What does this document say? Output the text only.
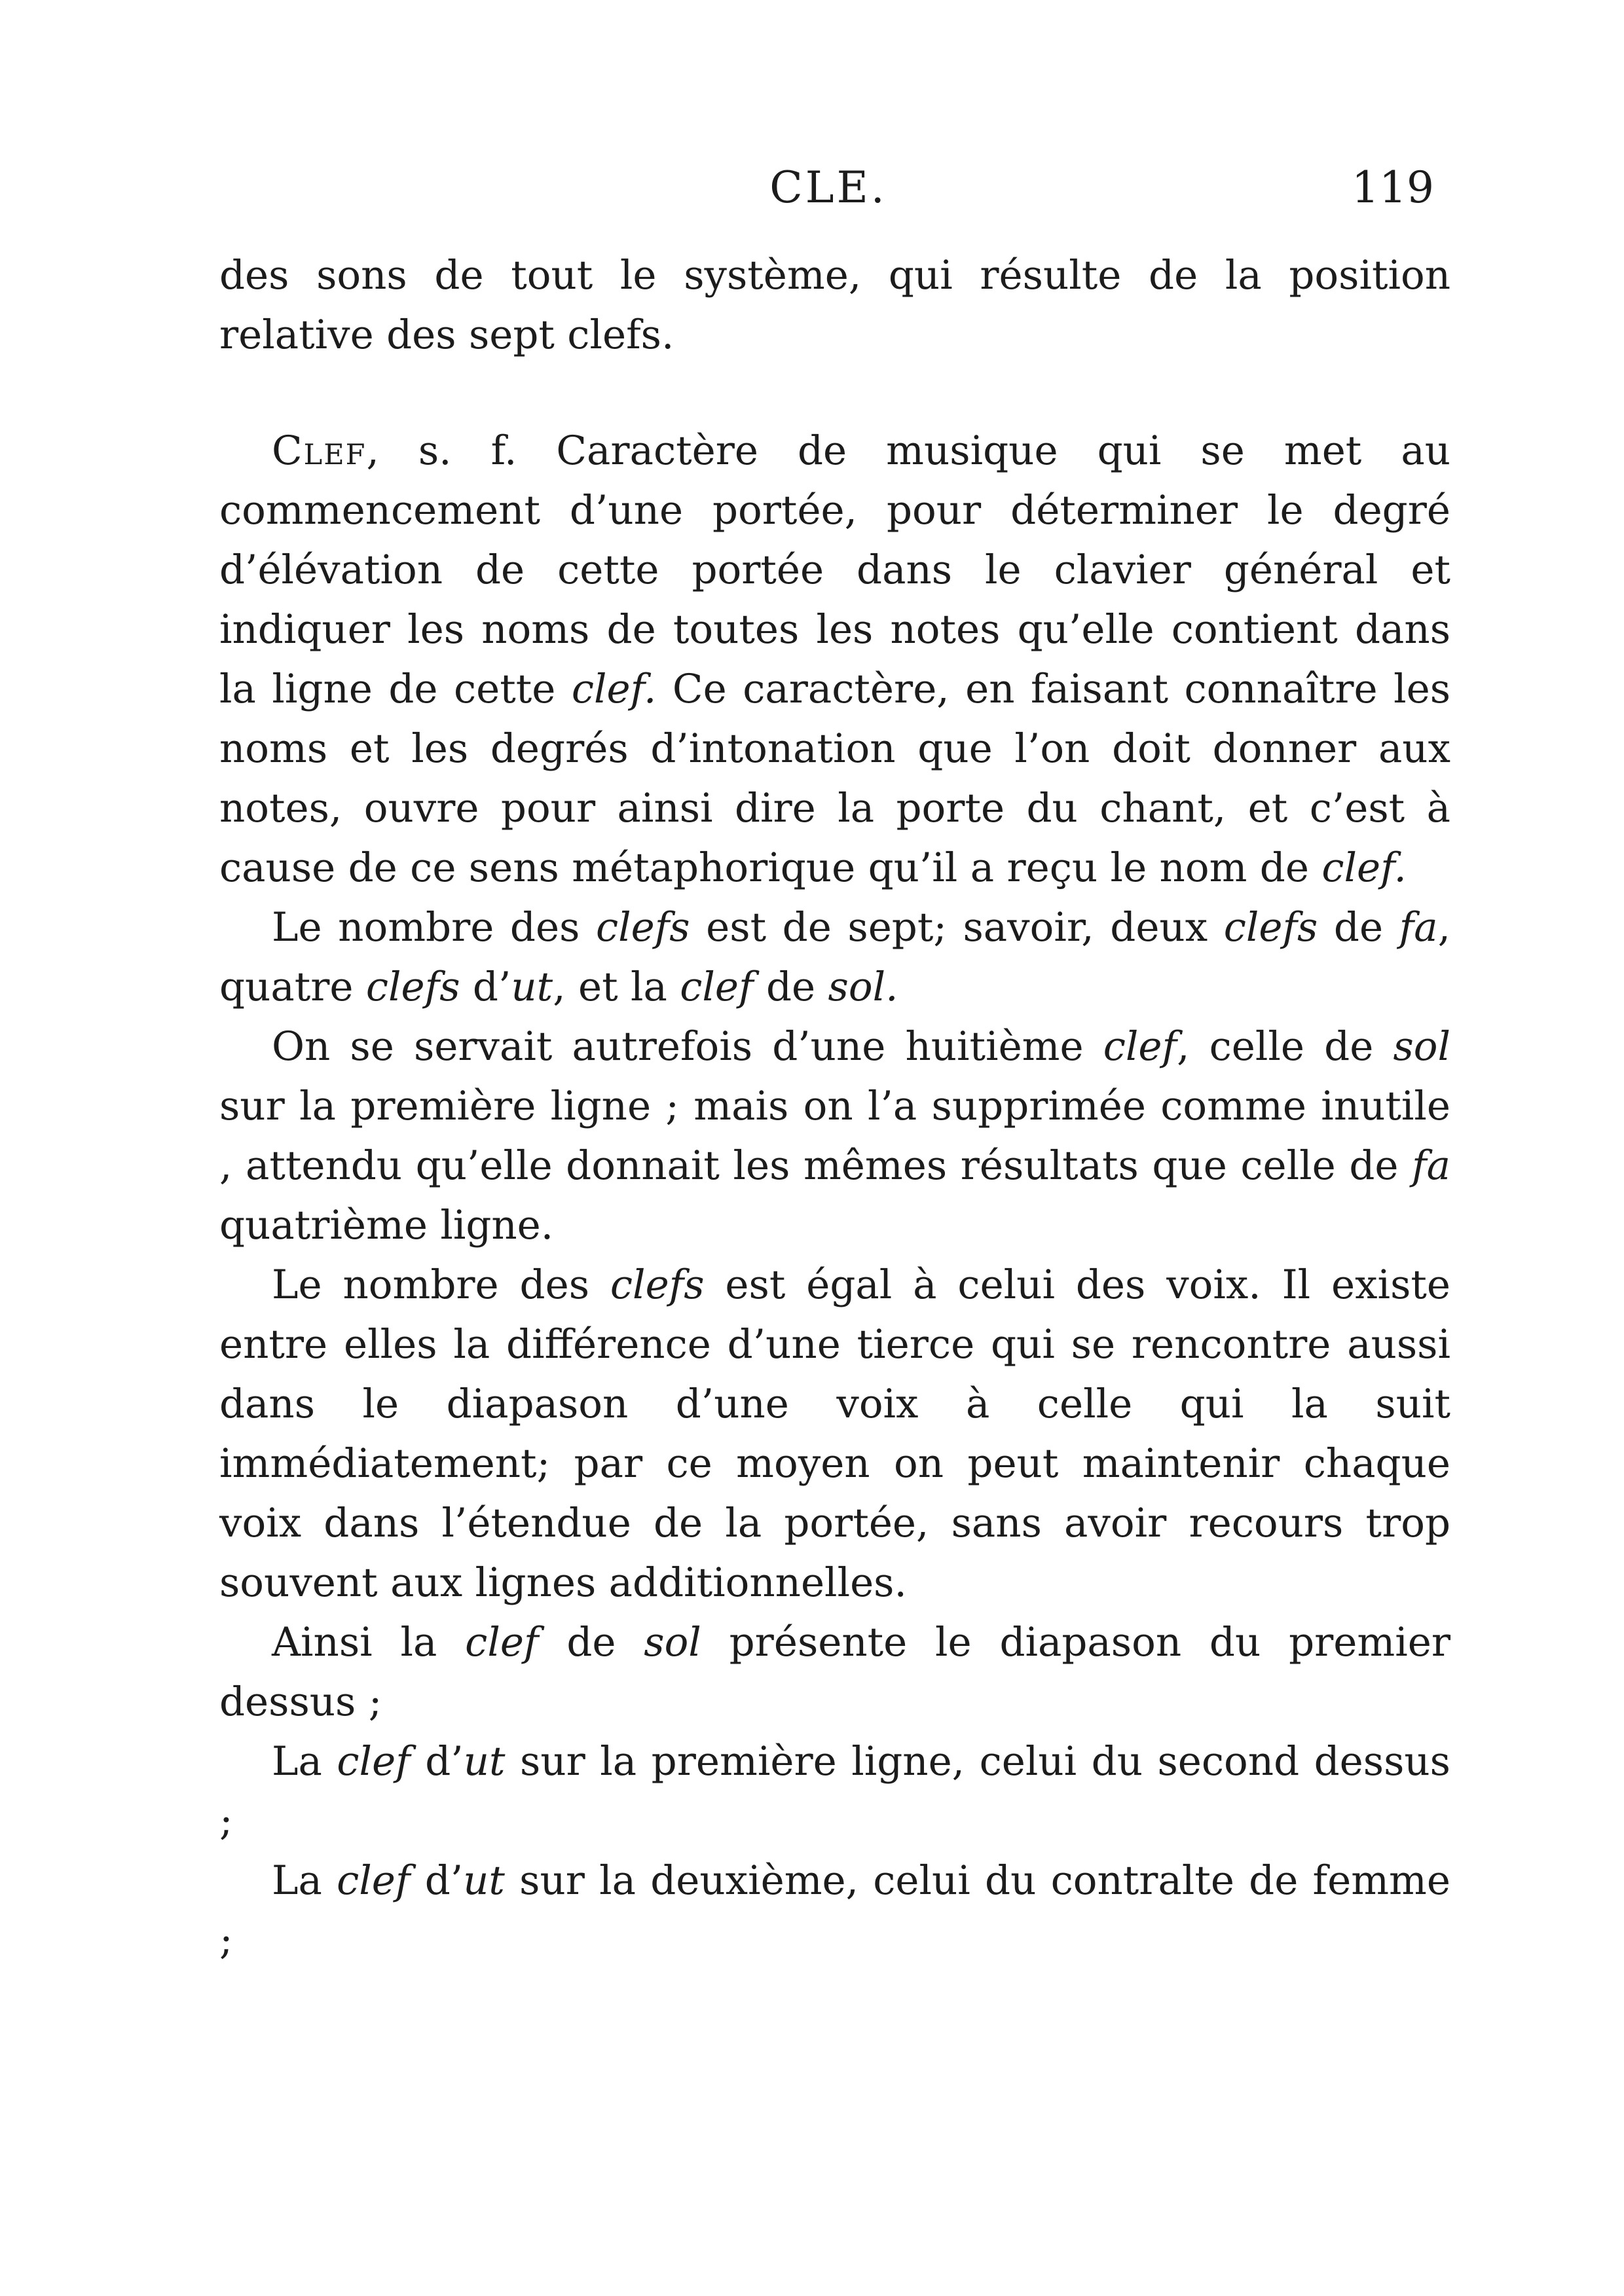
CLE.	119

des sons de tout le système, qui résulte de la position relative des sept clefs.

Clef, s. f. Caractère de musique qui se met au commencement d’une portée, pour déterminer le degré d’élévation de cette portée dans le clavier général et indiquer les noms de toutes les notes qu’elle contient dans la ligne de cette clef. Ce caractère, en faisant connaître les noms et les degrés d’intonation que l’on doit donner aux notes, ouvre pour ainsi dire la porte du chant, et c’est à cause de ce sens métaphorique qu’il a reçu le nom de clef.

Le nombre des clefs est de sept; savoir, deux clefs de fa, quatre clefs d’ut, et la clef de sol.

On se servait autrefois d’une huitième clef, celle de sol sur la première ligne ; mais on l’a supprimée comme inutile , attendu qu’elle donnait les mêmes résultats que celle de fa quatrième ligne.

Le nombre des clefs est égal à celui des voix. Il existe entre elles la différence d’une tierce qui se rencontre aussi dans le diapason d’une voix à celle qui la suit immédiatement; par ce moyen on peut maintenir chaque voix dans l’étendue de la portée, sans avoir recours trop souvent aux lignes additionnelles.

Ainsi la clef de sol présente le diapason du premier dessus ;

La clef d’ut sur la première ligne, celui du second dessus ;

La clef d’ut sur la deuxième, celui du contralte de femme ;
